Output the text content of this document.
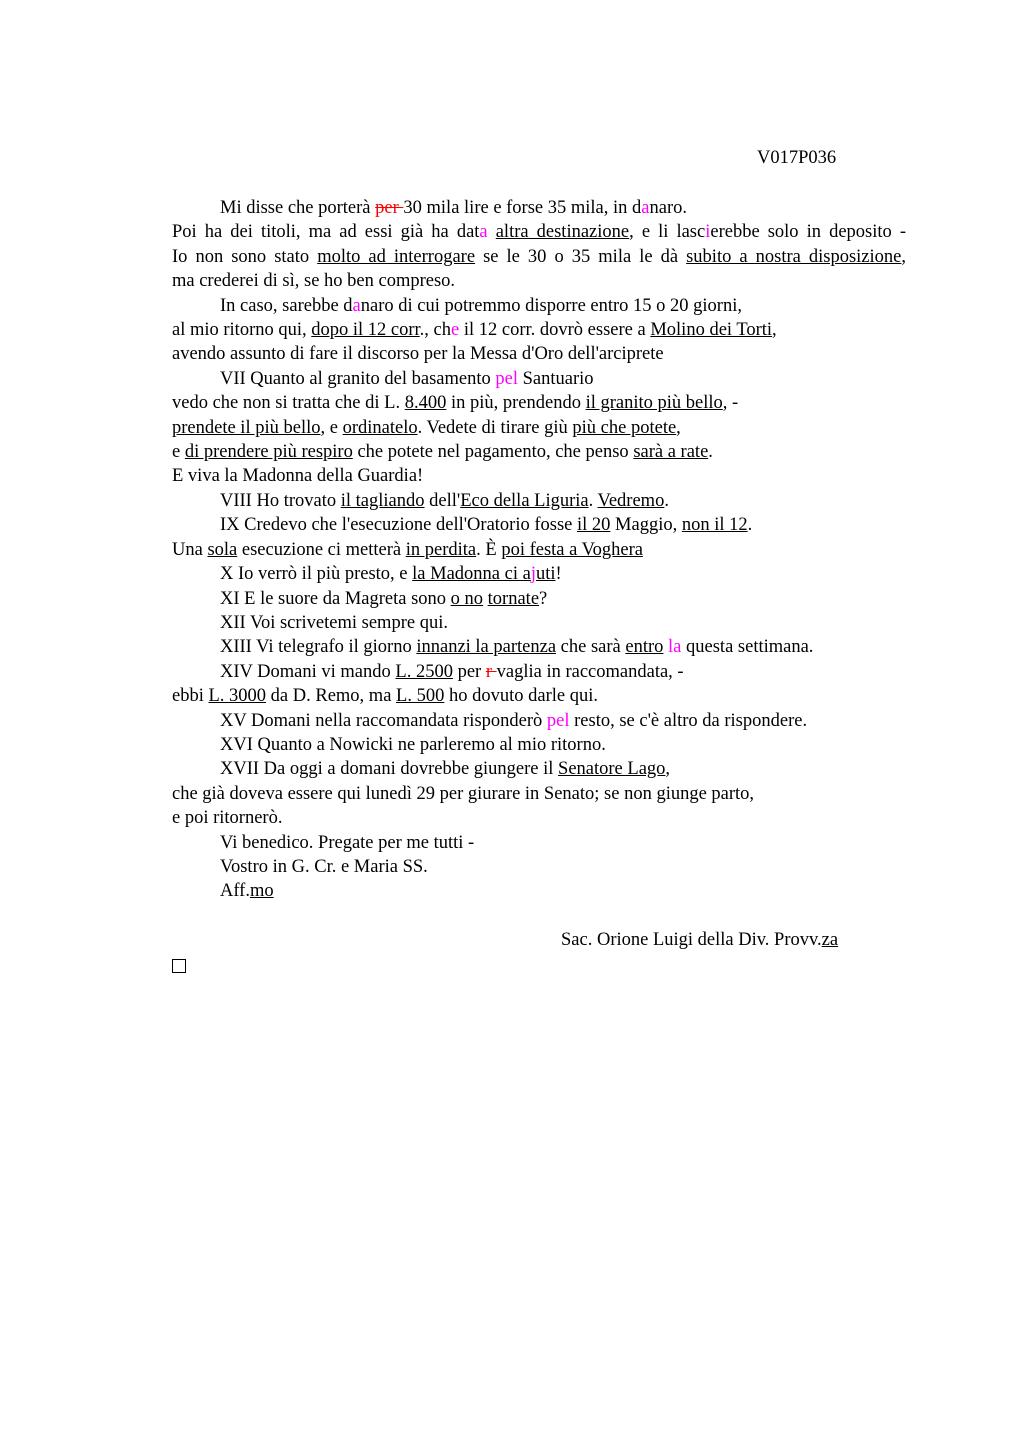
V017P036

Mi disse che porterà per 30 mila lire e forse 35 mila, in danaro.

Poi ha dei titoli, ma ad essi già ha data altra destinazione, e li lascierebbe solo in deposito -

Io non sono stato molto ad interrogare se le 30 o 35 mila le dà subito a nostra disposizione,

ma crederei di sì, se ho ben compreso.

In caso, sarebbe danaro di cui potremmo disporre entro 15 o 20 giorni,

al mio ritorno qui, dopo il 12 corr., che il 12 corr. dovrò essere a Molino dei Torti,

avendo assunto di fare il discorso per la Messa d'Oro dell'arciprete

VII Quanto al granito del basamento pel Santuario

vedo che non si tratta che di L. 8.400 in più, prendendo il granito più bello, -

prendete il più bello, e ordinatelo. Vedete di tirare giù più che potete,

e di prendere più respiro che potete nel pagamento, che penso sarà a rate.

E viva la Madonna della Guardia!

VIII Ho trovato il tagliando dell'Eco della Liguria. Vedremo.

IX Credevo che l'esecuzione dell'Oratorio fosse il 20 Maggio, non il 12.

Una sola esecuzione ci metterà in perdita. È poi festa a Voghera

X Io verrò il più presto, e la Madonna ci ajuti!

XI E le suore da Magreta sono o no tornate?

XII Voi scrivetemi sempre qui.

XIII Vi telegrafo il giorno innanzi la partenza che sarà entro la questa settimana.

XIV Domani vi mando L. 2500 per r vaglia in raccomandata, -

ebbi L. 3000 da D. Remo, ma L. 500 ho dovuto darle qui.

XV Domani nella raccomandata risponderò pel resto, se c'è altro da rispondere.

XVI Quanto a Nowicki ne parleremo al mio ritorno.

XVII Da oggi a domani dovrebbe giungere il Senatore Lago,

che già doveva essere qui lunedì 29 per giurare in Senato; se non giunge parto,

e poi ritornerò.

Vi benedico. Pregate per me tutti -

Vostro in G. Cr. e Maria SS.

Aff.mo

Sac. Orione Luigi della Div. Provv.za
